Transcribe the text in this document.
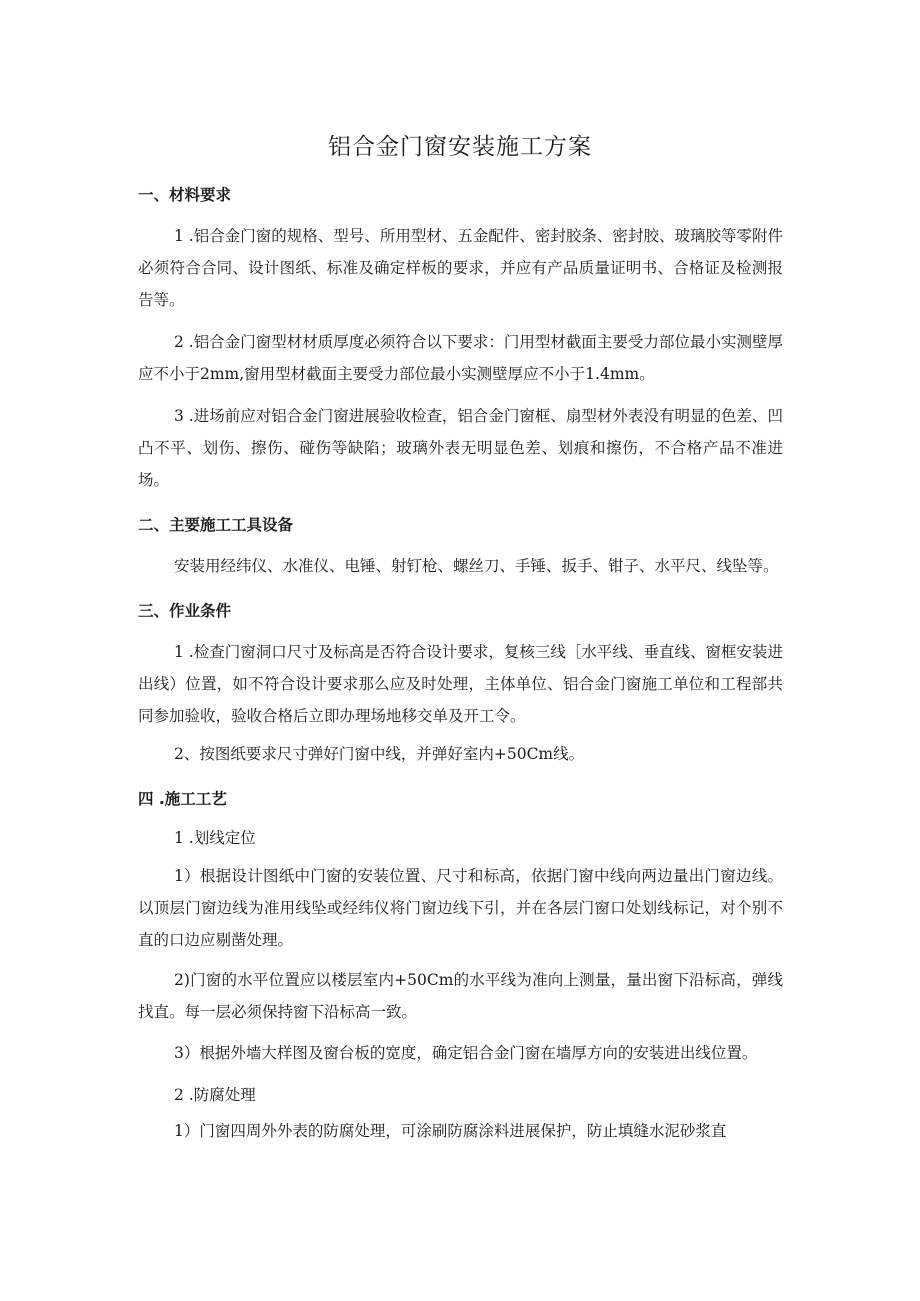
铝合金门窗安装施工方案

一、材料要求

1 .铝合金门窗的规格、型号、所用型材、五金配件、密封胶条、密封胶、玻璃胶等零附件必须符合合同、设计图纸、标准及确定样板的要求，并应有产品质量证明书、合格证及检测报告等。

2 .铝合金门窗型材材质厚度必须符合以下要求：门用型材截面主要受力部位最小实测壁厚应不小于2mm,窗用型材截面主要受力部位最小实测壁厚应不小于1.4mm。

3 .进场前应对铝合金门窗进展验收检查，铝合金门窗框、扇型材外表没有明显的色差、凹凸不平、划伤、擦伤、碰伤等缺陷；玻璃外表无明显色差、划痕和擦伤，不合格产品不准进场。

二、主要施工工具设备

安装用经纬仪、水准仪、电锤、射钉枪、螺丝刀、手锤、扳手、钳子、水平尺、线坠等。

三、作业条件

1 .检查门窗洞口尺寸及标高是否符合设计要求，复核三线［水平线、垂直线、窗框安装进出线）位置，如不符合设计要求那么应及时处理，主体单位、铝合金门窗施工单位和工程部共同参加验收，验收合格后立即办理场地移交单及开工令。

2、按图纸要求尺寸弹好门窗中线，并弹好室内+50Cm线。

四 .施工工艺

1 .划线定位

1）根据设计图纸中门窗的安装位置、尺寸和标高，依据门窗中线向两边量出门窗边线。以顶层门窗边线为准用线坠或经纬仪将门窗边线下引，并在各层门窗口处划线标记，对个别不直的口边应剔凿处理。

2)门窗的水平位置应以楼层室内+50Cm的水平线为准向上测量，量出窗下沿标高，弹线找直。每一层必须保持窗下沿标高一致。

3）根据外墙大样图及窗台板的宽度，确定铝合金门窗在墙厚方向的安装进出线位置。

2 .防腐处理

1）门窗四周外外表的防腐处理，可涂刷防腐涂料进展保护，防止填缝水泥砂浆直
